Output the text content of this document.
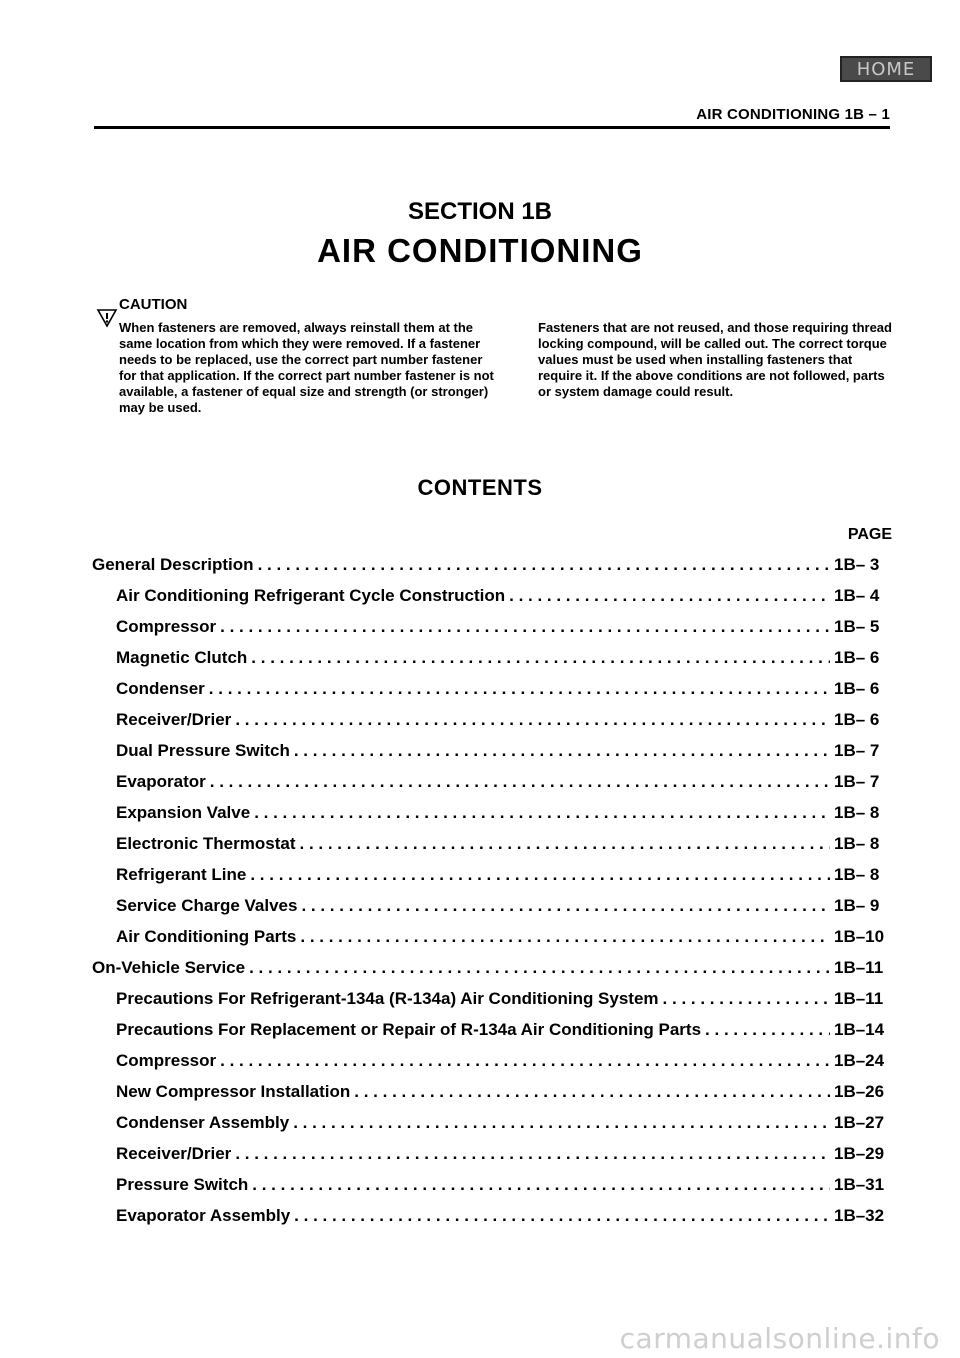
HOME
AIR CONDITIONING 1B – 1
SECTION 1B
AIR CONDITIONING
CAUTION
When fasteners are removed, always reinstall them at the same location from which they were removed. If a fastener needs to be replaced, use the correct part number fastener for that application. If the correct part number fastener is not available, a fastener of equal size and strength (or stronger) may be used.
Fasteners that are not reused, and those requiring thread locking compound, will be called out. The correct torque values must be used when installing fasteners that require it. If the above conditions are not followed, parts or system damage could result.
CONTENTS
PAGE
General Description . . .	1B– 3
Air Conditioning Refrigerant Cycle Construction . . .	1B– 4
Compressor . . .	1B– 5
Magnetic Clutch . . .	1B– 6
Condenser . . .	1B– 6
Receiver/Drier . . .	1B– 6
Dual Pressure Switch . . .	1B– 7
Evaporator . . .	1B– 7
Expansion Valve . . .	1B– 8
Electronic Thermostat . . .	1B– 8
Refrigerant Line . . .	1B– 8
Service Charge Valves . . .	1B– 9
Air Conditioning Parts . . .	1B–10
On-Vehicle Service . . .	1B–11
Precautions For Refrigerant-134a (R-134a) Air Conditioning System . . .	1B–11
Precautions For Replacement or Repair of R-134a Air Conditioning Parts . . .	1B–14
Compressor . . .	1B–24
New Compressor Installation . . .	1B–26
Condenser Assembly . . .	1B–27
Receiver/Drier . . .	1B–29
Pressure Switch . . .	1B–31
Evaporator Assembly . . .	1B–32
carmanualsonline.info
